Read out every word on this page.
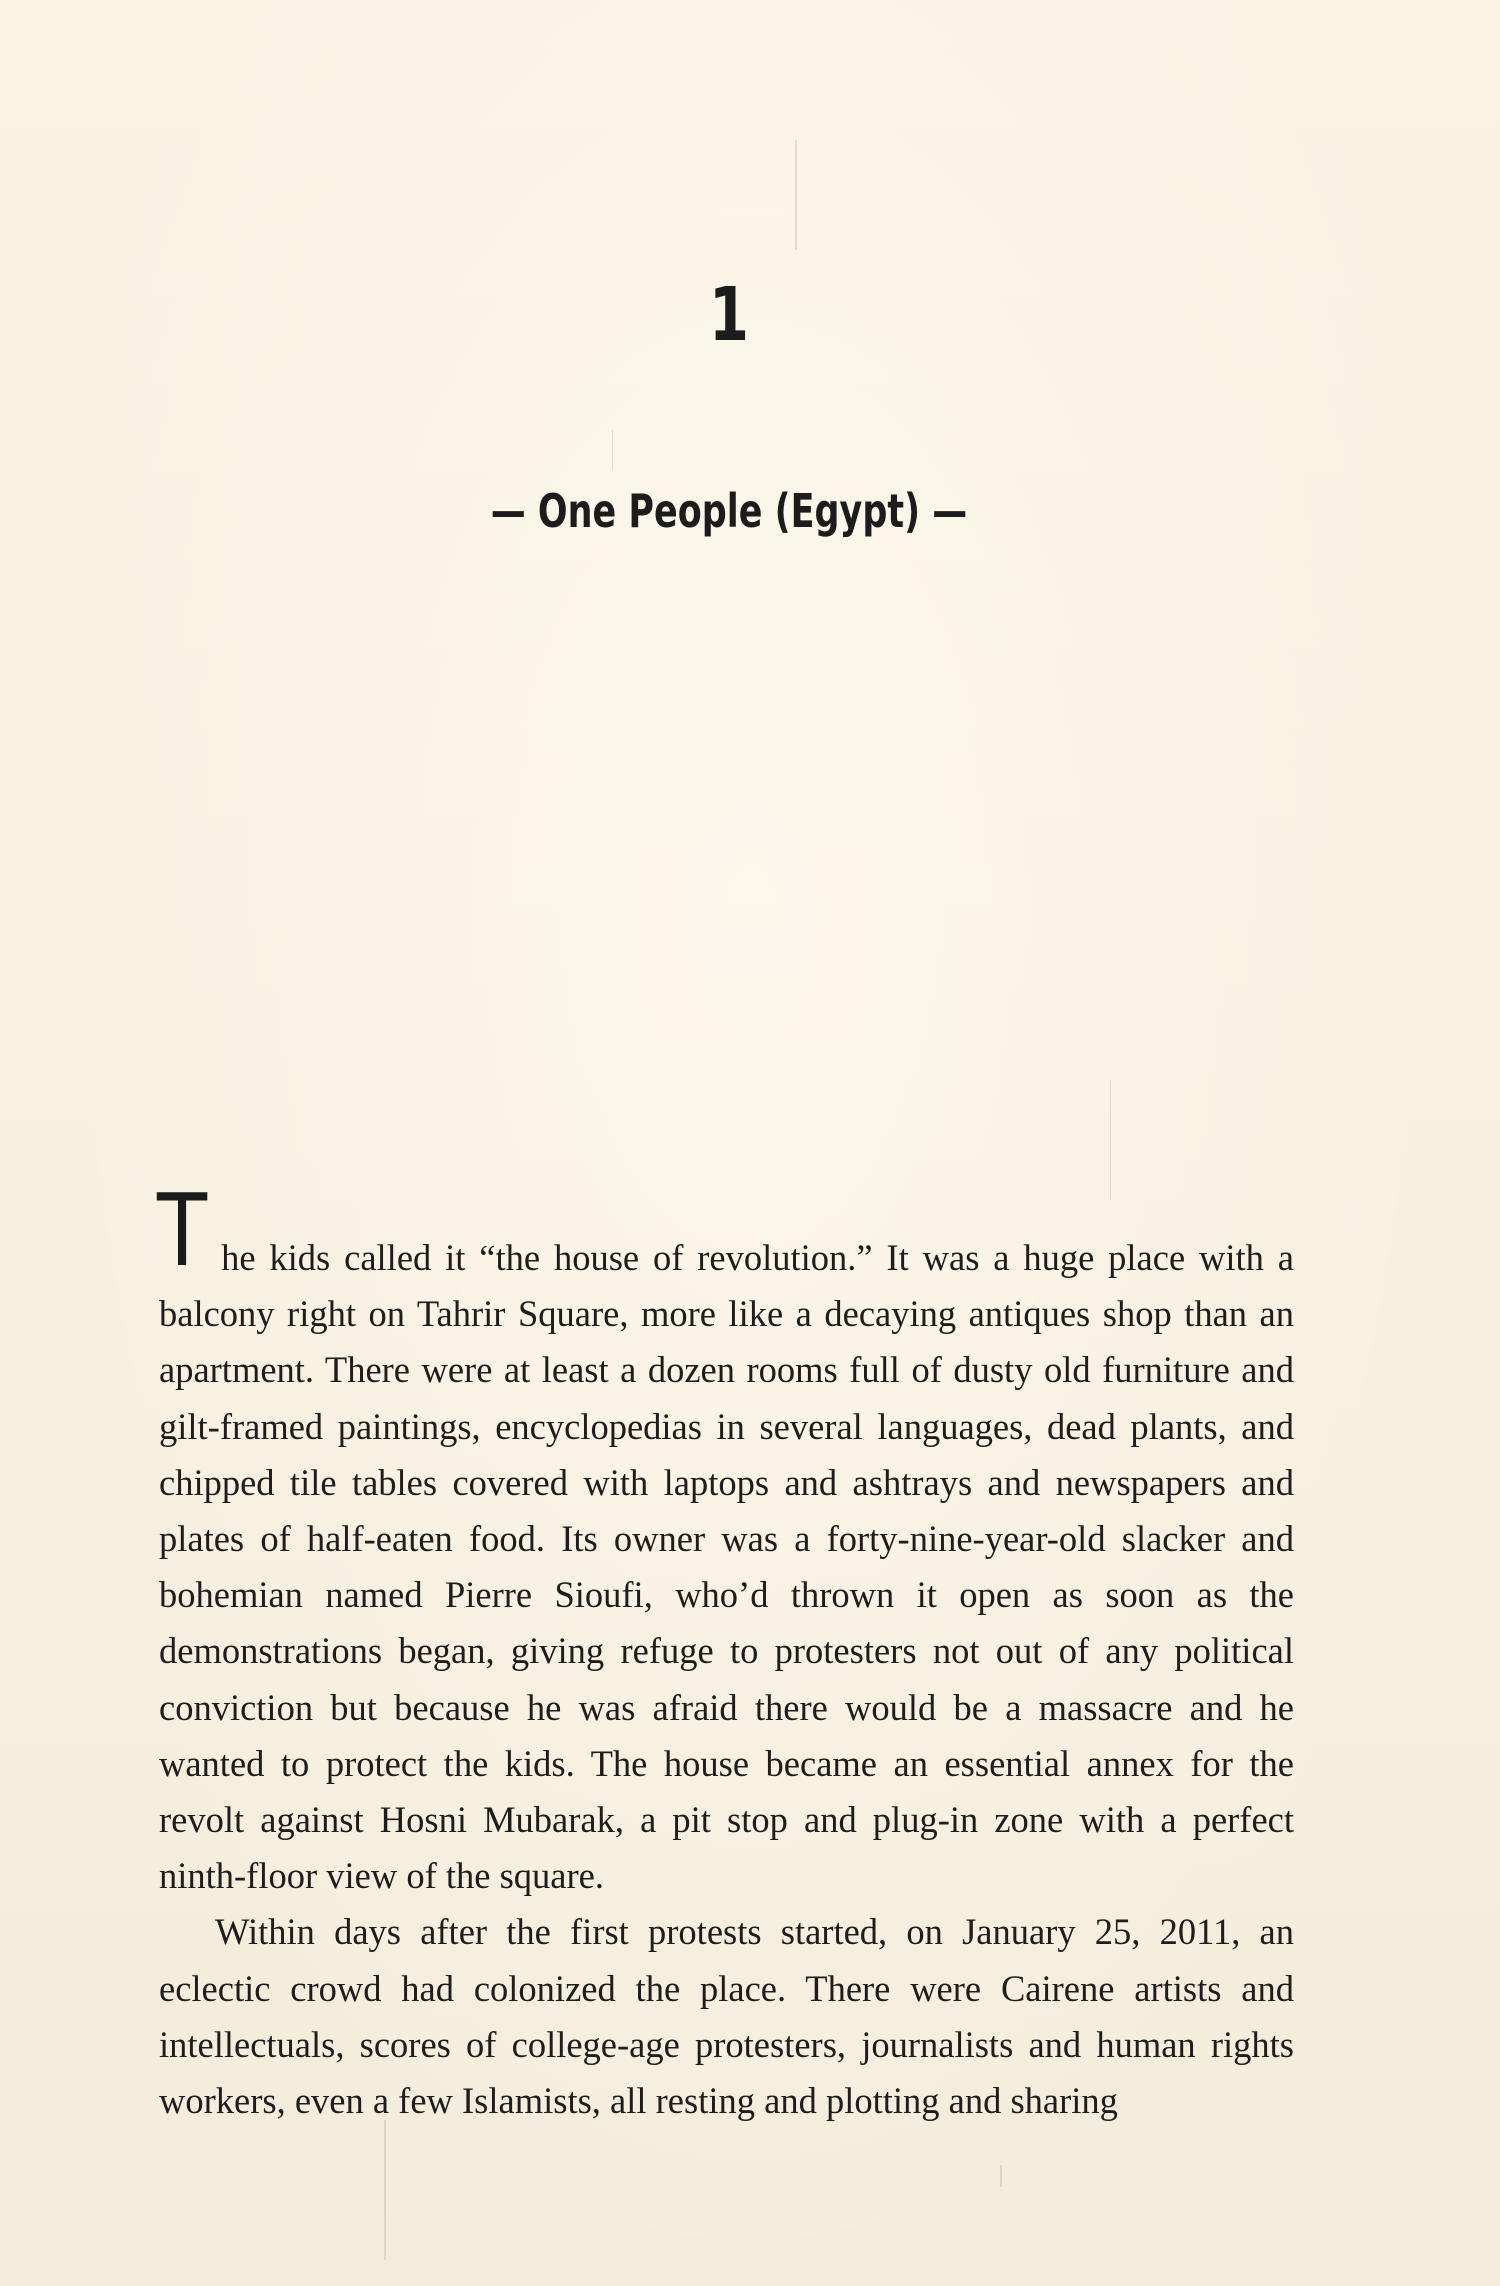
1
— One People (Egypt) —

The kids called it “the house of revolution.” It was a huge place with a balcony right on Tahrir Square, more like a decaying antiques shop than an apartment. There were at least a dozen rooms full of dusty old furniture and gilt-framed paintings, encyclopedias in several languages, dead plants, and chipped tile tables covered with laptops and ashtrays and newspapers and plates of half-eaten food. Its owner was a forty-nine-year-old slacker and bohemian named Pierre Sioufi, who’d thrown it open as soon as the demonstrations began, giving refuge to protesters not out of any political conviction but because he was afraid there would be a massacre and he wanted to protect the kids. The house became an essential annex for the revolt against Hosni Mubarak, a pit stop and plug-in zone with a perfect ninth-floor view of the square.

Within days after the first protests started, on January 25, 2011, an eclectic crowd had colonized the place. There were Cairene artists and intellectuals, scores of college-age protesters, journalists and human rights workers, even a few Islamists, all resting and plotting and sharing
